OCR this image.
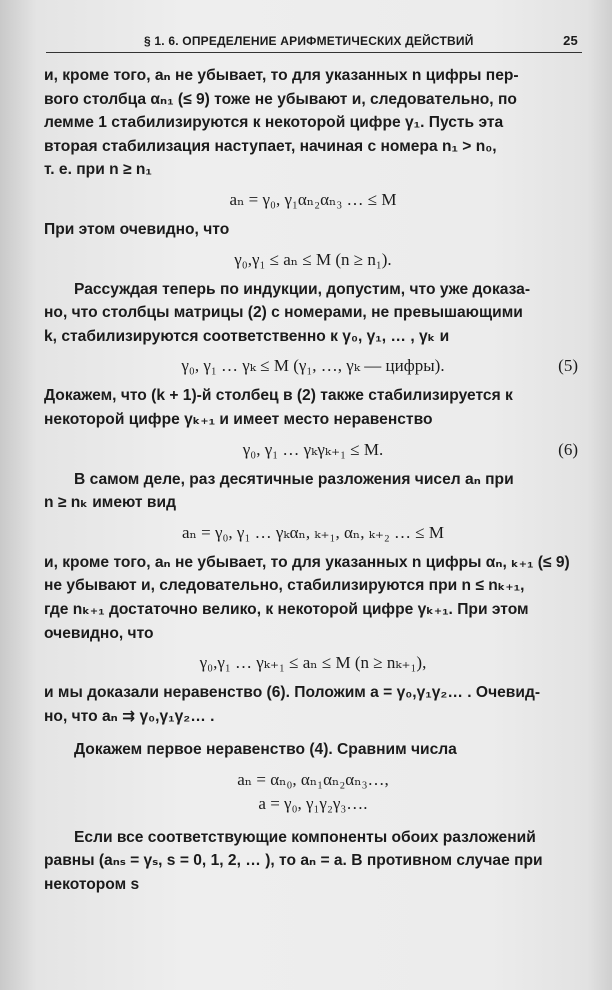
§ 1. 6. ОПРЕДЕЛЕНИЕ АРИФМЕТИЧЕСКИХ ДЕЙСТВИЙ	25

и, кроме того, aₙ не убывает, то для указанных n цифры пер-

вого столбца αₙ₁ (≤ 9) тоже не убывают и, следовательно, по

лемме 1 стабилизируются к некоторой цифре γ₁. Пусть эта

вторая стабилизация наступает, начиная с номера n₁ > n₀,

т. е. при n ≥ n₁

aₙ = γ₀, γ₁αₙ₂αₙ₃ … ≤ M

При этом очевидно, что

γ₀,γ₁ ≤ aₙ ≤ M (n ≥ n₁).

Рассуждая теперь по индукции, допустим, что уже доказа-

но, что столбцы матрицы (2) с номерами, не превышающими

k, стабилизируются соответственно к γ₀, γ₁, … , γₖ и

γ₀, γ₁ … γₖ ≤ M (γ₁, …, γₖ — цифры).	(5)

Докажем, что (k + 1)-й столбец в (2) также стабилизируется к

некоторой цифре γₖ₊₁ и имеет место неравенство

γ₀, γ₁ … γₖγₖ₊₁ ≤ M.	(6)

В самом деле, раз десятичные разложения чисел aₙ при

n ≥ nₖ имеют вид

aₙ = γ₀, γ₁ … γₖαₙ, ₖ₊₁, αₙ, ₖ₊₂ … ≤ M

и, кроме того, aₙ не убывает, то для указанных n цифры αₙ, ₖ₊₁ (≤ 9)

не убывают и, следовательно, стабилизируются при n ≤ nₖ₊₁,

где nₖ₊₁ достаточно велико, к некоторой цифре γₖ₊₁. При этом

очевидно, что

γ₀,γ₁ … γₖ₊₁ ≤ aₙ ≤ M (n ≥ nₖ₊₁),

и мы доказали неравенство (6). Положим a = γ₀,γ₁γ₂… . Очевид-

но, что aₙ ⇉ γ₀,γ₁γ₂… .

Докажем первое неравенство (4). Сравним числа

aₙ = αₙ₀, αₙ₁αₙ₂αₙ₃…,

a = γ₀, γ₁γ₂γ₃….

Если все соответствующие компоненты обоих разложений

равны (aₙₛ = γₛ, s = 0, 1, 2, … ), то aₙ = a. В противном случае при

некотором s
